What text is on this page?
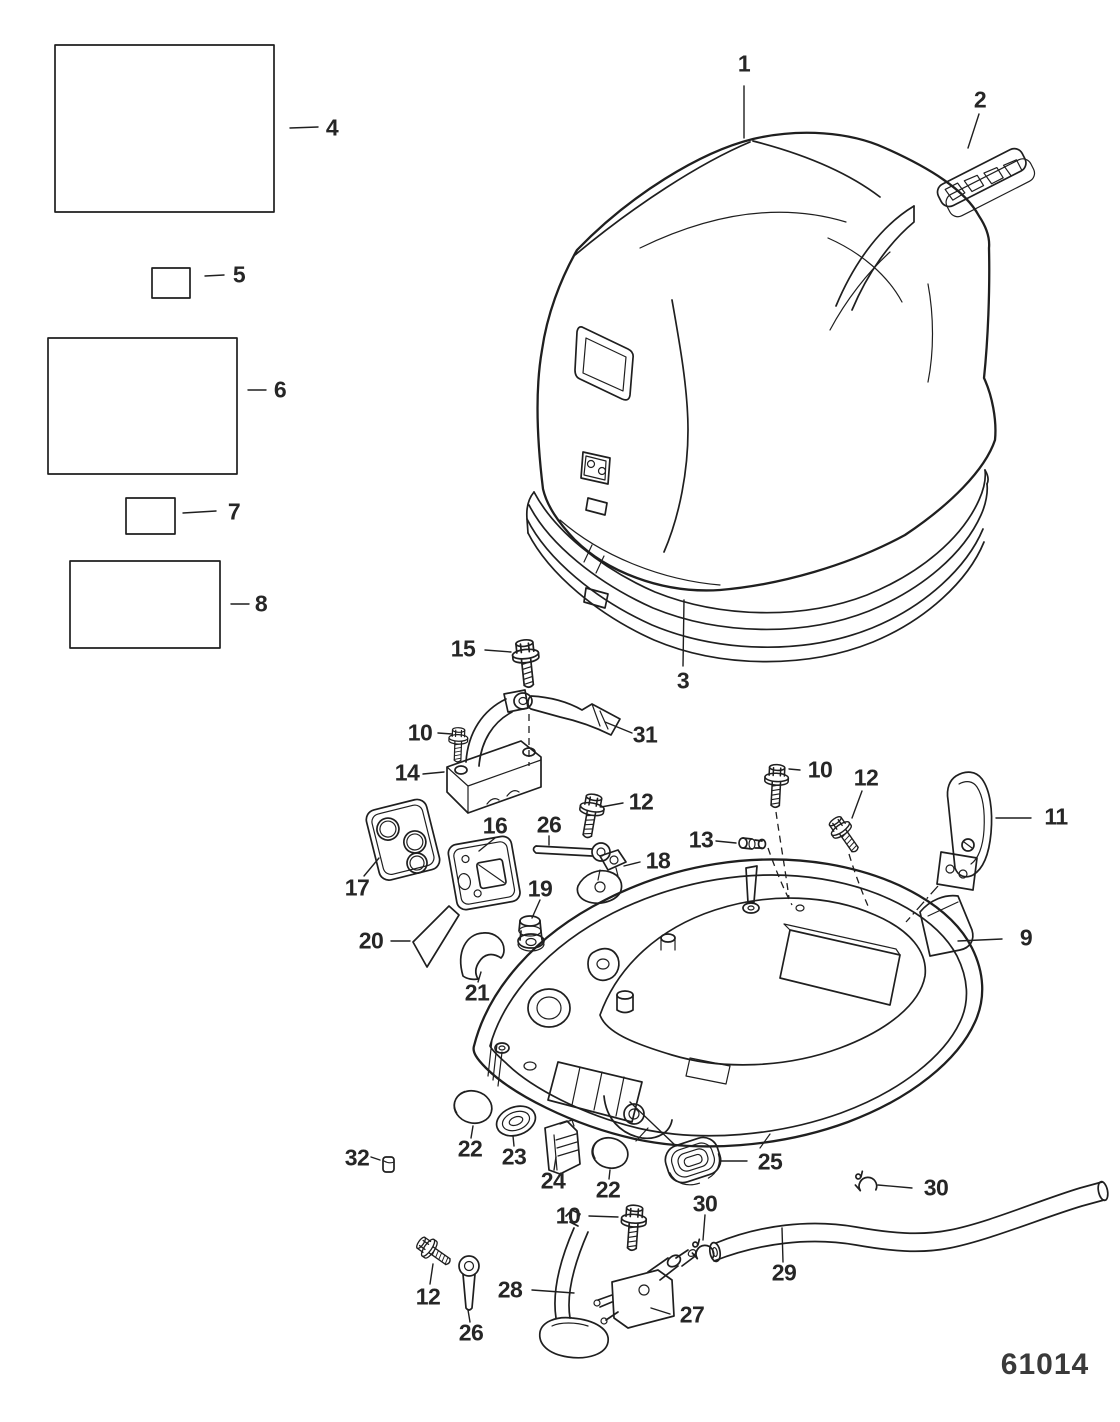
1
2
3
4
5
6
7
8
9
10
10
10
11
12
12
12
13
14
15
16
17
18
19
20
21
22
22
23
24
25
26
26
27
28
29
30
30
31
32
61014
